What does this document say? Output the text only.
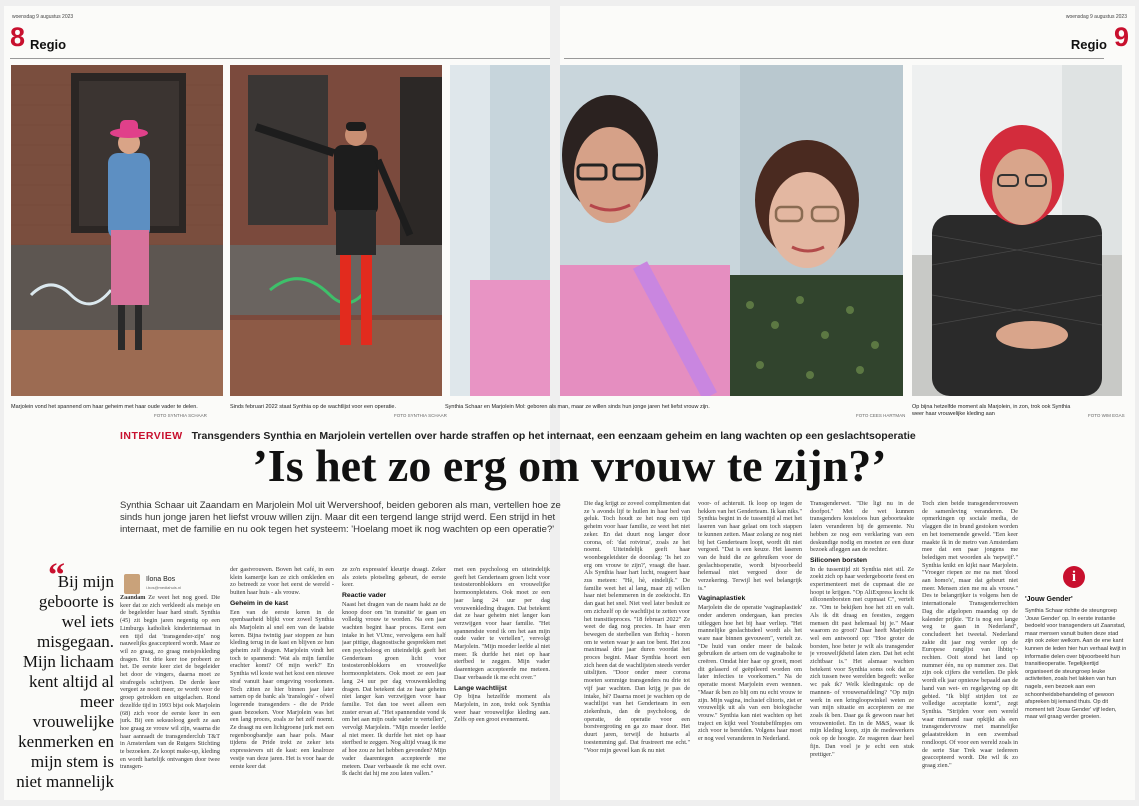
woensdag 9 augustus 2023
8 Regio
Marjolein vond het spannend om haar geheim met haar oude vader te delen.
FOTO SYNTHIA SCHAAR
Sinds februari 2022 staat Synthia op de wachtlijst voor een operatie.
FOTO SYNTHIA SCHAAR
Bij mijn geboorte is wel iets misgegaan. Mijn lichaam kent altijd al meer vrouwelijke kenmerken en mijn stem is niet mannelijk
Ilona Bos
i.bos@mediahuis.nl
woensdag 9 augustus 2023
9
Regio
Synthia Schaar en Marjolein Mol: geboren als man, maar ze willen sinds hun jonge jaren het liefst vrouw zijn.
FOTO CEES HARTMAN
Op bijna hetzelfde moment als Marjolein, in zon, trok ook Synthia weer haar vrouwelijke kleding aan	FOTO WIM EGAS
INTERVIEW Transgenders Synthia en Marjolein vertellen over harde straffen op het internaat, een eenzaam geheim en lang wachten op een geslachtsoperatie
’Is het zo erg om vrouw te zijn?’
Synthia Schaar uit Zaandam en Marjolein Mol uit Wervershoof, beiden geboren als man, vertellen hoe ze sinds hun jonge jaren het liefst vrouw willen zijn. Maar dit een tergend lange strijd werd. Een strijd in het internaat, met de familie en nu ook tegen het systeem: 'Hoelang moet ik nog wachten op een operatie?'
“
Zaandam Ze weet het nog goed. Die keer dat ze zich verkleedt als meisje en de begeleider haar hard straft. Synthia (45) zit begin jaren negentig op een Limburgs katholiek kinderinternaat in een tijd dat 'transgender-zijn' nog nauwelijks geaccepteerd wordt. Maar ze wil zo graag, zo graag meisjeskleding dragen. Tot drie keer toe probeert ze het. De eerste keer ziet de begeleider het door de vingers, daarna moet ze strafregels schrijven. De derde keer vergeet ze nooit meer, ze wordt voor de groep getrokken en uitgelachen. Rond dezelfde tijd in 1993 bijst ook Marjolein (68) zich voor de eerste keer in een jurk. Bij een seksuoloog geeft ze aan hoe graag ze vrouw wil zijn, waarna die haar aanraadt de transgenderclub T&T in Amsterdam van de Rutgers Stichting te bezoeken. Ze koopt make-up, kleding en wordt hartelijk ontvangen door twee transgen-
der gastvrouwen. Boven het café, in een klein kamertje kan ze zich omkleden en zo betreedt ze voor het eerst de wereld - buiten haar huis - als vrouw.
Geheim in de kast
Een van de eerste keren in de openbaarheid blijkt voor zowel Synthia als Marjolein al snel een van de laatste keren. Bijna twintig jaar stoppen ze hun kleding terug in de kast en blijven ze hun geheim zelf dragen. Marjolein vindt het toch te spannend: 'Wat als mijn familie erachter komt? Of mijn werk?' En Synthia wil koste wat het kost een nieuwe straf vanuit haar omgeving voorkomen. Toch zitten ze hier binnen jaar later samen op de bank: als 'translogés' - ofwel logerende transgenders - die de Pride gaan bezoeken. Voor Marjolein was het een lang proces, zoals ze het zelf noemt. Ze draagt nu een lichtgroene jurk met een regenboogbandje aan haar pols. Maar tijdens de Pride trekt ze zeker iets expressievers uit de kast: een knalroze vestje van deze jaren. Het is voor haar de eerste keer dat
ze zo'n expressief kleurtje draagt. Zeker als zoiets plotseling gebeurt, de eerste keer.
Reactie vader
Naast het dragen van de naam hakt ze de knoop door om 'in transitie' te gaan en volledig vrouw te worden. Na een jaar wachten begint haar proces. Eerst een intake in het VUmc, vervolgens een half jaar pittige, diagnostische gesprekken met een psycholoog en uiteindelijk geeft het Genderteam groen licht voor testosteronblokkers en vrouwelijke hormoonpleisters. Ook moet ze een jaar lang 24 uur per dag vrouwenkleding dragen. Dat betekent dat ze haar geheim niet langer kan verzwijgen voor haar familie. Tot dan toe weet alleen een zuster ervan af. "Het spannendste vond ik om het aan mijn oude vader te vertellen", vervolgt Marjolein. "Mijn moeder leefde al niet meer. Ik durfde het niet op haar sterfbed te zeggen. Nog altijd vraag ik me af hoe zou ze het hebben gevonden? Mijn vader daarentegen accepteerde me meteen. Daar verbaasde ik me echt over. Ik dacht dat hij me zou laten vallen."
met een psycholoog en uiteindelijk geeft het Genderteam groen licht voor testosteronblokkers en vrouwelijke hormoonpleisters. Ook moet ze een jaar lang 24 uur per dag vrouwenkleding dragen. Dat betekent dat ze haar geheim niet langer kan verzwijgen voor haar familie. "Het spannendste vond ik om het aan mijn oude vader te vertellen", vervolgt Marjolein. "Mijn moeder leefde al niet meer. Ik durfde het niet op haar sterfbed te zeggen. Mijn vader daarentegen accepteerde me meteen. Daar verbaasde ik me echt over."
Lange wachtlijst
Op bijna hetzelfde moment als Marjolein, in zon, trekt ook Synthia weer haar vrouwelijke kleding aan. Zelfs op een groot evenement.
Die dag krijgt ze zoveel complimenten dat ze 's avonds lijf te huilen in haar bed van geluk. Toch houdt ze het nog een tijd geheim voor haar familie, ze weet het niet zeker. En dat duurt nog langer door corona, of: 'dat rotvirus', zoals ze het noemt. Uiteindelijk geeft haar woonbegeleidster de doorslag: 'Is het zo erg om vrouw te zijn?', vraagt die haar. Als Synthia haar hart lucht, reageert haar zus meteen: "Hè, hè, eindelijk." De familie weet het al lang, maar zij willen haar niet belemmeren in de zoektocht. En dan gaat het snel. Niet veel later besluit ze om zichzelf op de wachtlijst te zetten voor het transitieproces. "18 februari 2022" Ze weet de dag nog precies. In haar eren bewegen de sterbellen van Ibrhiq - horen om te weten waar je aan toe bent. Het zou maximaal drie jaar duren voordat het proces begint. Maar Synthia hoort een zich heen dat de wachtlijsten steeds verder uitslijten. "Door onder meer corona moeten sommige transgenders nu drie tot vijf jaar wachten. Dan krijg je pas de intake, hè? Daarna moet je wachten op de wachtlijst van het Genderteam in een ziekenhuis, dan de psycholoog, de operatie, de operatie voor een borstvergroting en ga zo maar door. Het duurt jaren, terwijl de huisarts al toestemming gaf. Dat frustreert me echt." "Voor mijn gevoel kan ik nu niet
voor- of achteruit. Ik loop op tegen de hekken van het Genderteam. Ik kan niks." Synthia begint in de tussentijd al met het laseren van haar gelaat om toch stappen te kunnen zetten. Maar zolang ze nog niet bij het Gendertearn loopt, wordt dit niet vergoed. "Dat is een keuze. Het laseren van de huid die ze gebruiken voor de geslachtsoperatie, wordt bijvoorbeeld helemaal niet vergoed door de verzekering. Terwijl het wel belangrijk is."
Vaginaplastiek
Marjolein die de operatie 'vaginaplastiek' onder anderen ondergaan, kan precies uitleggen hoe het bij haar verliep. "Het mannelijke geslachtsdeel wordt als het ware naar binnen gevouwen", vertelt ze. "De huid van onder meer de balzak gebruiken de artsen om de vaginabolte te creëren. Omdat hier haar op groeit, moet dit gelaserd of geëpileerd worden om later infecties te voorkomen." Na de operatie moest Marjolein even wennen. "Maar ik ben zo blij om nu echt vrouw te zijn. Mijn vagina, inclusief clitoris, ziet er vrouwelijk uit als van een biologische vrouw." Synthia kan niet wachten op het traject en kijkt veel Youtubefilmpjes om zich voor te bereiden. Volgens haar moet er nog veel veranderen in Nederland.
Transgenderwet. "Die ligt nu in de doofpot." Met de wet kunnen transgenders kosteloos hun geboorteakte laten veranderen bij de gemeente. Nu hebben ze nog een verklaring van een deskundige nodig en moeten ze een duur bezoek afleggen aan de rechter.
Siliconen borsten
In de tussentijd zit Synthia niet stil. Ze zoekt zich op haar wedergeboorte feest en experimenteert met de cupmaat die ze hoopt te krijgen. "Op AliExpress kocht ik siliconenborsten met cupmaat C", vertelt ze. "Om te bekijken hoe het zit en valt. Als ik dit draag en feesties, zeggen mensen dit past helemaal bij je." Maar waarom zo groot? Daar heeft Marjolein wel een antwoord op: "Hoe groter de borsten, hoe beter je wilt als transgender je vrouwelijkheid laten zien. Dat het echt zichtbaar is." Het alsmaar wachten betekent voor Synthia soms ook dat ze zich tussen twee werelden begeeft: welke wc pak ik? Welk kledingstuk: op de mannen- of vrouwenafdeling? "Op mijn werk in een kringloopwinkel weten ze van mijn situatie en accepteren ze me zoals ik ben. Daar ga ik gewoon naar het vrouwentoilet. En in de M&S, waar ik mijn kleding koop, zijn de medewerkers ook op de hoogte. Ze reageren daar heel fijn. Dan voel je je echt een stuk prettiger."
Toch zien beide transgendervrouwen de samenleving veranderen. De opmerkingen op sociale media, de vlaggen die in brand gestoken worden en het toenemende geweld. "Een keer maakte ik in de metro van Amsterdam mee dat een paar jongens me beledigen met woorden als 'nepwijf'." Synthia knikt en kijkt naar Marjolein. "Vroeger riepen ze me na met 'dood aan homo's', maar dat gebeurt niet meer. Mensen zien me nu als vrouw." Des te belangrijker is volgens hen de internationale Transgenderrechten Dag die afgelopen maandag op de kalender prijkte. "Er is nog een lange weg te gaan in Nederland", concludeert het tweetal. Nederland zakte dit jaar nog verder op de Europese ranglijst van lhbtiq+-rechten. Ooit stond het land op nummer één, nu op nummer zes. Dat zijn ook cijfers die vertellen. De plek wordt elk jaar opnieuw bepaald aan de hand van wet- en regelgeving op dit gebied. "Ik blijf strijden tot ze volledige acceptatie komt", zegt Synthia. "Strijden voor een wereld waar niemand raar opkijkt als een transgendervrouw met mannelijke gelaatstrekken in een zwembad rondloopt. Of voor een wereld zoals in de serie Star Trek waar iedereen geaccepteerd wordt. Die wil ik zo graag zien."
i
'Jouw Gender'
Synthia Schaar richtte de steungroep 'Jouw Gender' op. In eerste instantie bedoeld voor transgenders uit Zaanstad, maar mensen vanuit buiten deze stad zijn ook zeker welkom. Aan de ene kant kunnen de leden hier hun verhaal kwijt in informatie delen over bijvoorbeeld hun transitieoperatie. Tegelijkertijd organiseert de steungroep leuke activiteiten, zoals het lakken van hun nagels, een bezoek aan een schoonheidsbehandeling of gewoon afspreken bij iemand thuis. Op dit moment telt 'Jouw Gender' vijf leden, maar wil graag verder groeien.
